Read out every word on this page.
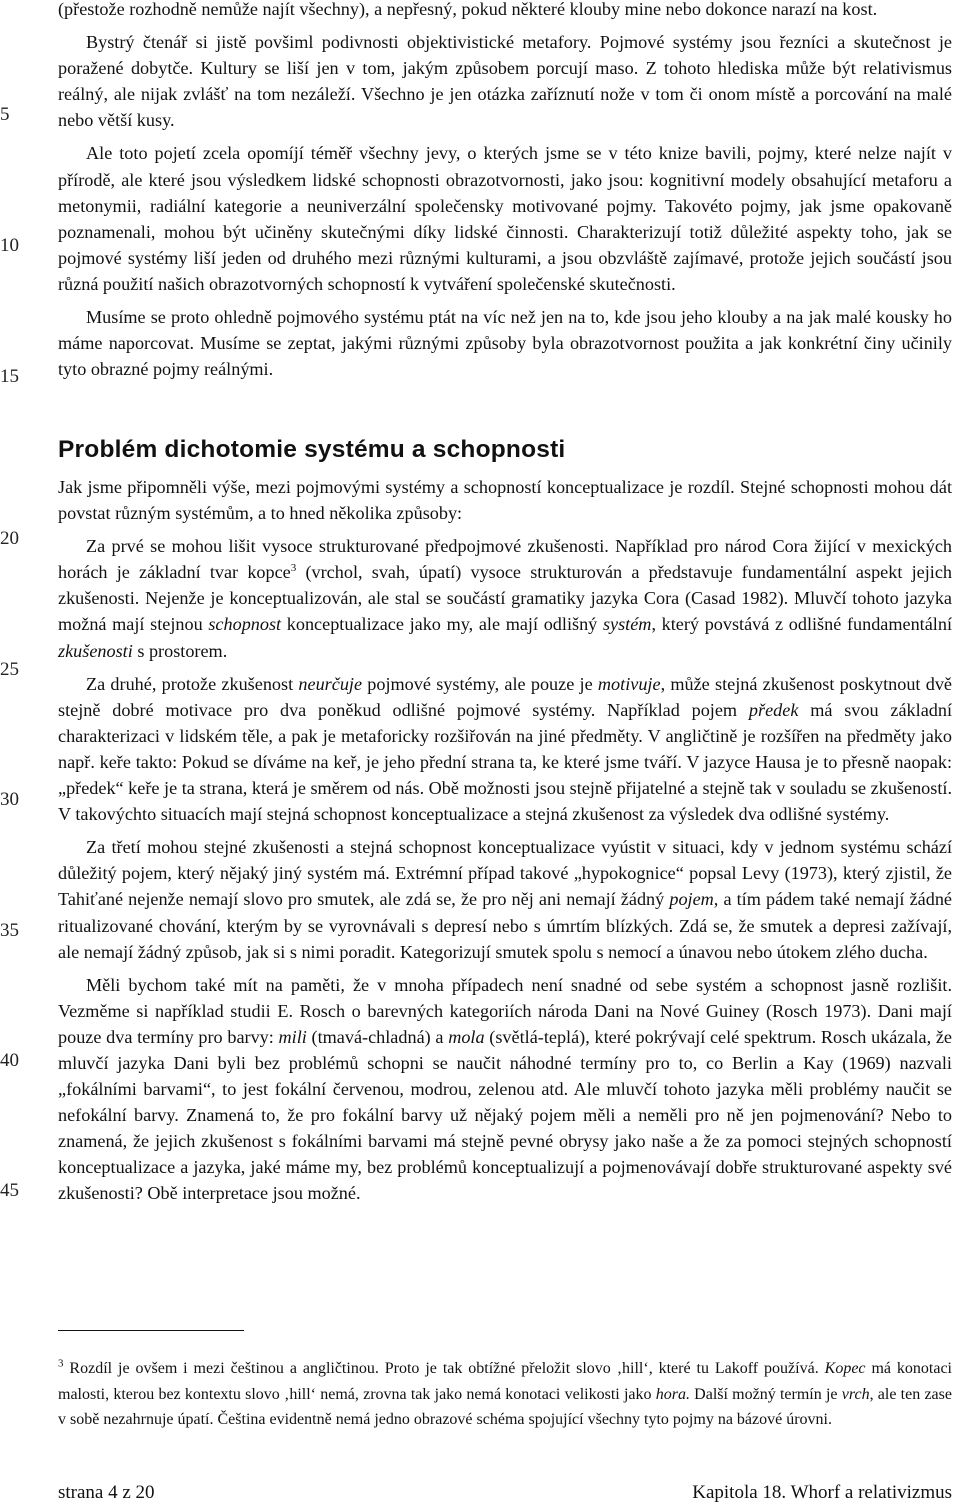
5
10
15
20
25
30
35
40
45

(přestože rozhodně nemůže najít všechny), a nepřesný, pokud některé klouby mine nebo dokonce narazí na kost.

Bystrý čtenář si jistě povšiml podivnosti objektivistické metafory. Pojmové systémy jsou řezníci a skutečnost je poražené dobytče. Kultury se liší jen v tom, jakým způsobem porcují maso. Z tohoto hlediska může být relativismus reálný, ale nijak zvlášť na tom nezáleží. Všechno je jen otázka zaříznutí nože v tom či onom místě a porcování na malé nebo větší kusy.

Ale toto pojetí zcela opomíjí téměř všechny jevy, o kterých jsme se v této knize bavili, pojmy, které nelze najít v přírodě, ale které jsou výsledkem lidské schopnosti obrazotvornosti, jako jsou: kognitivní modely obsahující metaforu a metonymii, radiální kategorie a neuniverzální společensky motivované pojmy. Takovéto pojmy, jak jsme opakovaně poznamenali, mohou být učiněny skutečnými díky lidské činnosti. Charakterizují totiž důležité aspekty toho, jak se pojmové systémy liší jeden od druhého mezi různými kulturami, a jsou obzvláště zajímavé, protože jejich součástí jsou různá použití našich obrazotvorných schopností k vytváření společenské skutečnosti.

Musíme se proto ohledně pojmového systému ptát na víc než jen na to, kde jsou jeho klouby a na jak malé kousky ho máme naporcovat. Musíme se zeptat, jakými různými způsoby byla obrazotvornost použita a jak konkrétní činy učinily tyto obrazné pojmy reálnými.

Problém dichotomie systému a schopnosti

Jak jsme připomněli výše, mezi pojmovými systémy a schopností konceptualizace je rozdíl. Stejné schopnosti mohou dát povstat různým systémům, a to hned několika způsoby:

Za prvé se mohou lišit vysoce strukturované předpojmové zkušenosti. Například pro národ Cora žijící v mexických horách je základní tvar kopce$^3$ (vrchol, svah, úpatí) vysoce strukturován a představuje fundamentální aspekt jejich zkušenosti. Nejenže je konceptualizován, ale stal se součástí gramatiky jazyka Cora (Casad 1982). Mluvčí tohoto jazyka možná mají stejnou schopnost konceptualizace jako my, ale mají odlišný systém, který povstává z odlišné fundamentální zkušenosti s prostorem.

Za druhé, protože zkušenost neurčuje pojmové systémy, ale pouze je motivuje, může stejná zkušenost poskytnout dvě stejně dobré motivace pro dva poněkud odlišné pojmové systémy. Například pojem předek má svou základní charakterizaci v lidském těle, a pak je metaforicky rozšiřován na jiné předměty. V angličtině je rozšířen na předměty jako např. keře takto: Pokud se díváme na keř, je jeho přední strana ta, ke které jsme tváří. V jazyce Hausa je to přesně naopak: „předek“ keře je ta strana, která je směrem od nás. Obě možnosti jsou stejně přijatelné a stejně tak v souladu se zkušeností. V takovýchto situacích mají stejná schopnost konceptualizace a stejná zkušenost za výsledek dva odlišné systémy.

Za třetí mohou stejné zkušenosti a stejná schopnost konceptualizace vyústit v situaci, kdy v jednom systému schází důležitý pojem, který nějaký jiný systém má. Extrémní případ takové „hypokognice“ popsal Levy (1973), který zjistil, že Tahiťané nejenže nemají slovo pro smutek, ale zdá se, že pro něj ani nemají žádný pojem, a tím pádem také nemají žádné ritualizované chování, kterým by se vyrovnávali s depresí nebo s úmrtím blízkých. Zdá se, že smutek a depresi zažívají, ale nemají žádný způsob, jak si s nimi poradit. Kategorizují smutek spolu s nemocí a únavou nebo útokem zlého ducha.

Měli bychom také mít na paměti, že v mnoha případech není snadné od sebe systém a schopnost jasně rozlišit. Vezměme si například studii E. Rosch o barevných kategoriích národa Dani na Nové Guiney (Rosch 1973). Dani mají pouze dva termíny pro barvy: mili (tmavá-chladná) a mola (světlá-teplá), které pokrývají celé spektrum. Rosch ukázala, že mluvčí jazyka Dani byli bez problémů schopni se naučit náhodné termíny pro to, co Berlin a Kay (1969) nazvali „fokálními barvami“, to jest fokální červenou, modrou, zelenou atd. Ale mluvčí tohoto jazyka měli problémy naučit se nefokální barvy. Znamená to, že pro fokální barvy už nějaký pojem měli a neměli pro ně jen pojmenování? Nebo to znamená, že jejich zkušenost s fokálními barvami má stejně pevné obrysy jako naše a že za pomoci stejných schopností konceptualizace a jazyka, jaké máme my, bez problémů konceptualizují a pojmenovávají dobře strukturované aspekty své zkušenosti? Obě interpretace jsou možné.

$^3$ Rozdíl je ovšem i mezi češtinou a angličtinou. Proto je tak obtížné přeložit slovo ‚hill‘, které tu Lakoff používá. Kopec má konotaci malosti, kterou bez kontextu slovo ‚hill‘ nemá, zrovna tak jako nemá konotaci velikosti jako hora. Další možný termín je vrch, ale ten zase v sobě nezahrnuje úpatí. Čeština evidentně nemá jedno obrazové schéma spojující všechny tyto pojmy na bázové úrovni.
strana 4 z 20	Kapitola 18. Whorf a relativizmus
